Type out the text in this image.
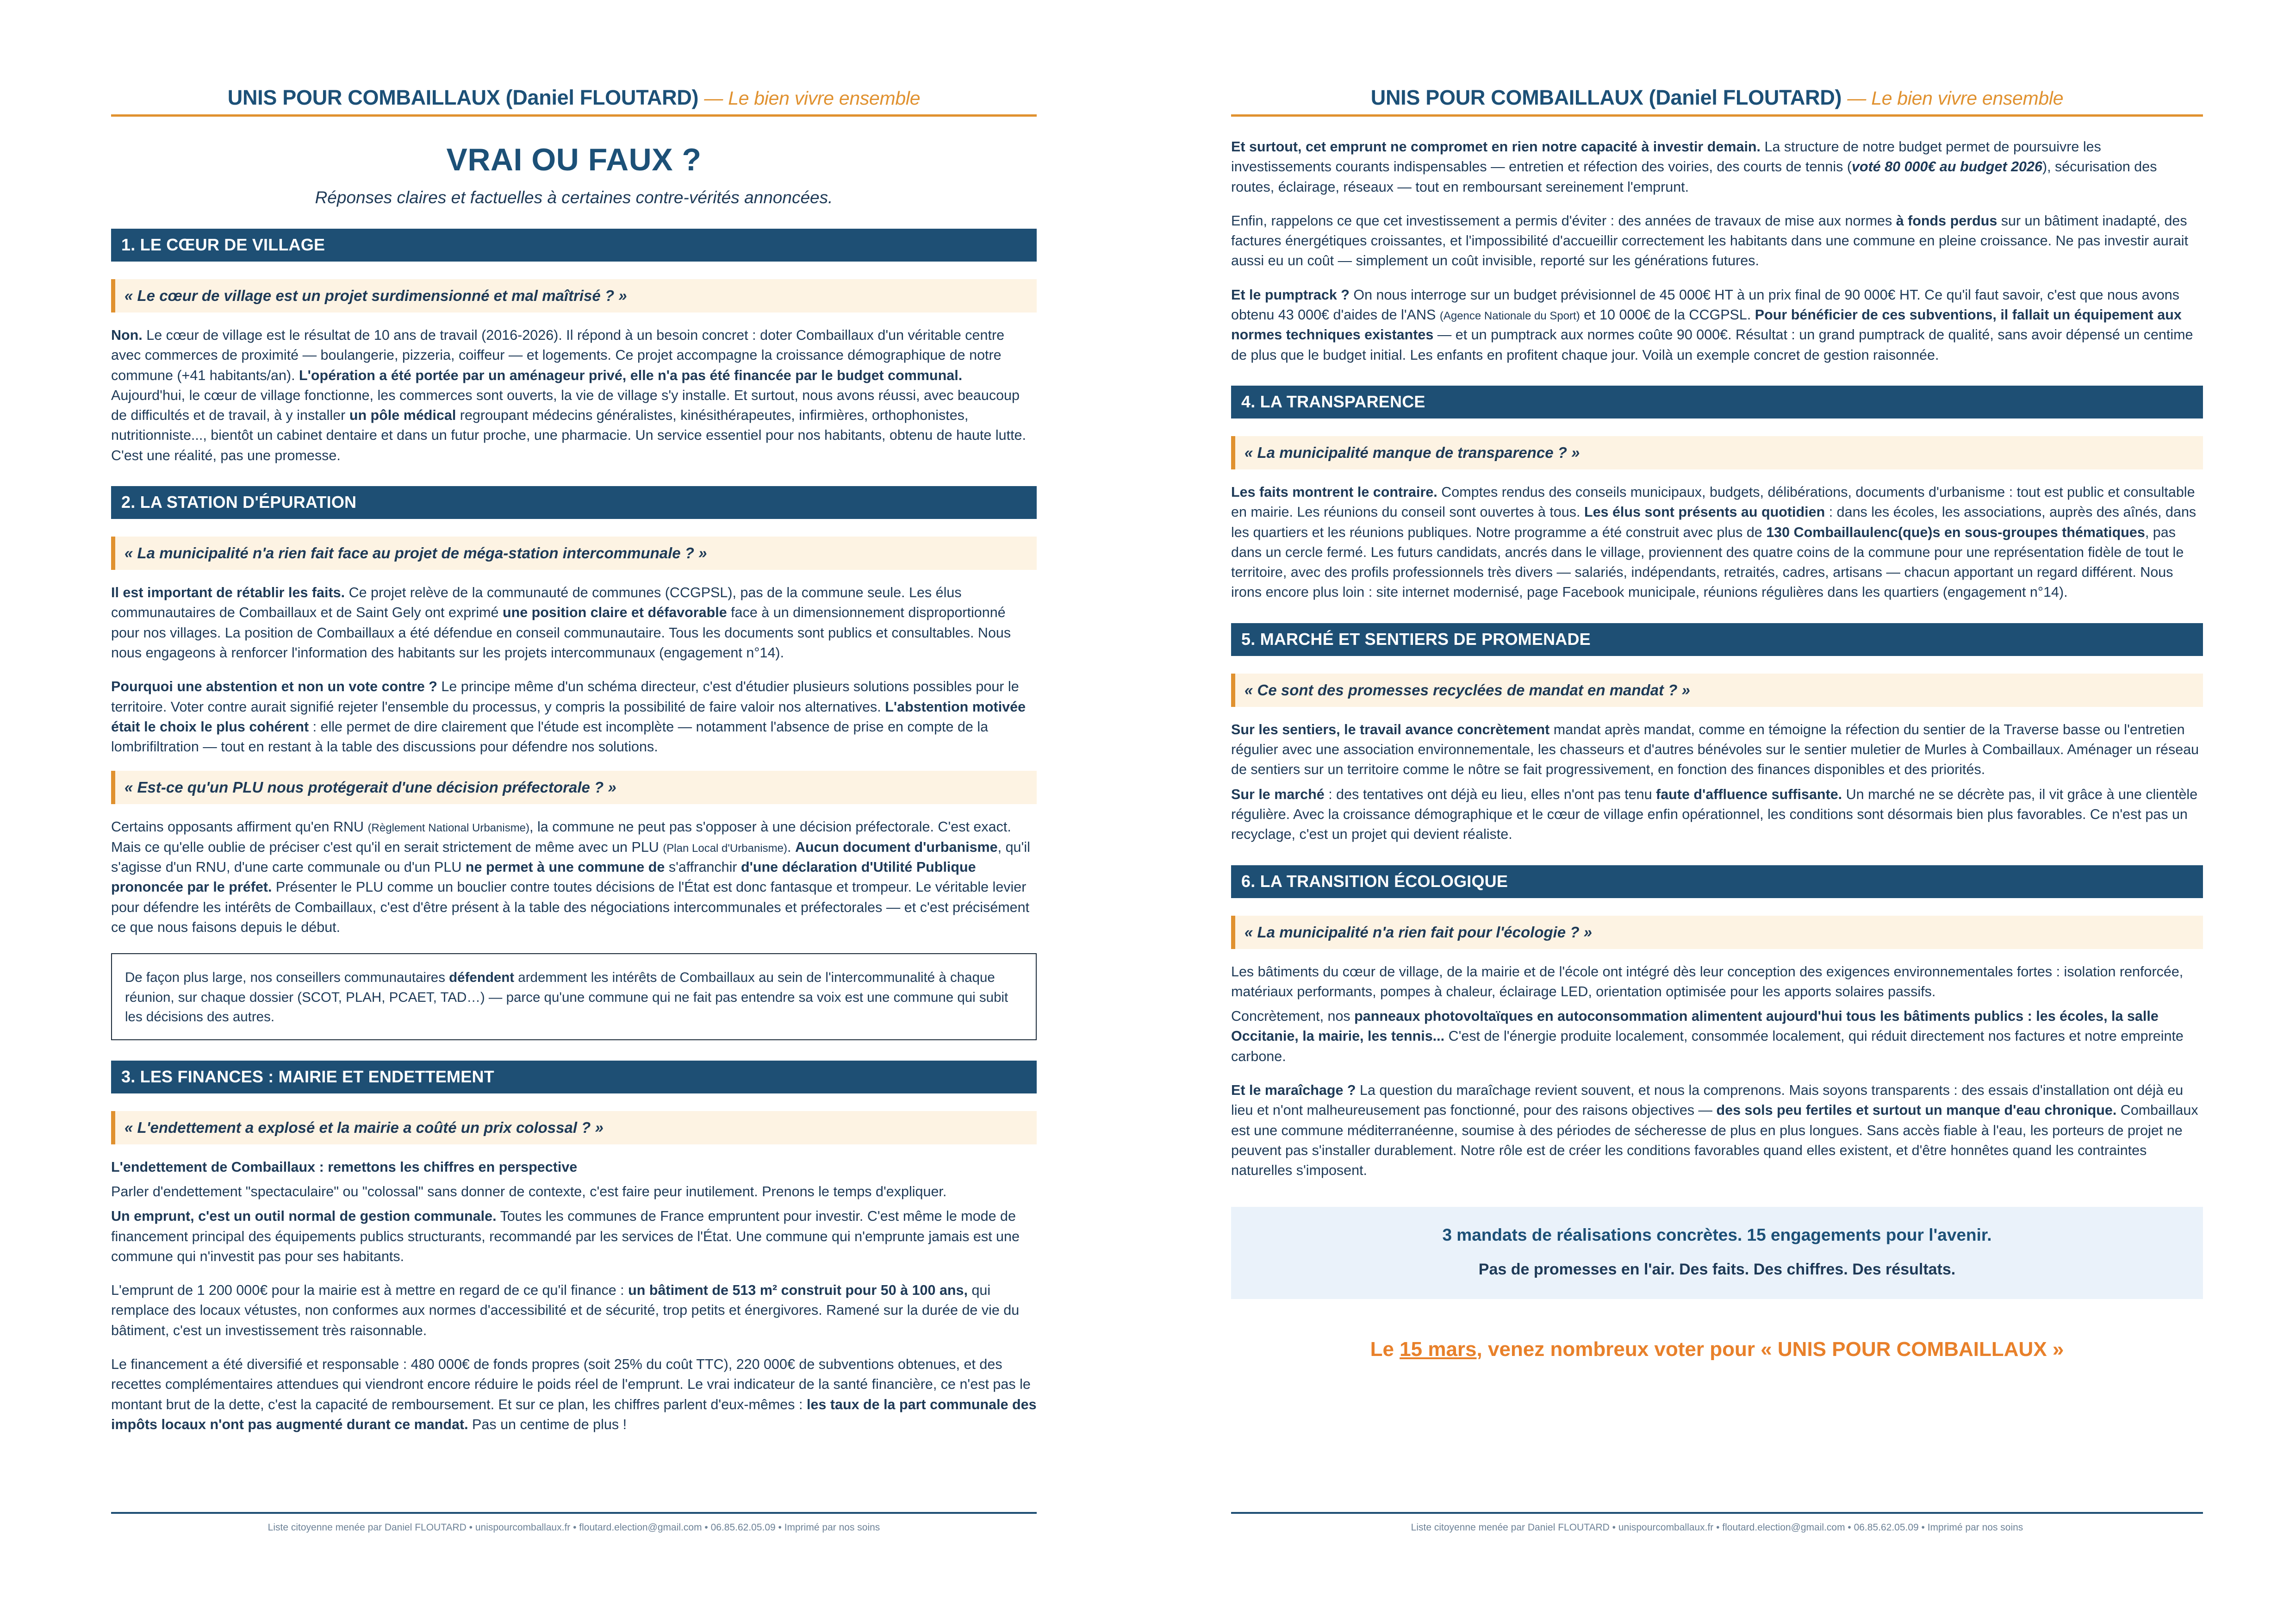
UNIS POUR COMBAILLAUX (Daniel FLOUTARD) — Le bien vivre ensemble
VRAI OU FAUX ?
Réponses claires et factuelles à certaines contre-vérités annoncées.
1. LE CŒUR DE VILLAGE
« Le cœur de village est un projet surdimensionné et mal maîtrisé ? »

Non. Le cœur de village est le résultat de 10 ans de travail (2016-2026). Il répond à un besoin concret : doter Combaillaux d'un véritable centre avec commerces de proximité — boulangerie, pizzeria, coiffeur — et logements. Ce projet accompagne la croissance démographique de notre commune (+41 habitants/an). L'opération a été portée par un aménageur privé, elle n'a pas été financée par le budget communal. Aujourd'hui, le cœur de village fonctionne, les commerces sont ouverts, la vie de village s'y installe. Et surtout, nous avons réussi, avec beaucoup de difficultés et de travail, à y installer un pôle médical regroupant médecins généralistes, kinésithérapeutes, infirmières, orthophonistes, nutritionniste..., bientôt un cabinet dentaire et dans un futur proche, une pharmacie. Un service essentiel pour nos habitants, obtenu de haute lutte. C'est une réalité, pas une promesse.

2. LA STATION D'ÉPURATION
« La municipalité n'a rien fait face au projet de méga-station intercommunale ? »

Il est important de rétablir les faits. Ce projet relève de la communauté de communes (CCGPSL), pas de la commune seule. Les élus communautaires de Combaillaux et de Saint Gely ont exprimé une position claire et défavorable face à un dimensionnement disproportionné pour nos villages. La position de Combaillaux a été défendue en conseil communautaire. Tous les documents sont publics et consultables. Nous nous engageons à renforcer l'information des habitants sur les projets intercommunaux (engagement n°14).

Pourquoi une abstention et non un vote contre ? Le principe même d'un schéma directeur, c'est d'étudier plusieurs solutions possibles pour le territoire. Voter contre aurait signifié rejeter l'ensemble du processus, y compris la possibilité de faire valoir nos alternatives. L'abstention motivée était le choix le plus cohérent : elle permet de dire clairement que l'étude est incomplète — notamment l'absence de prise en compte de la lombrifiltration — tout en restant à la table des discussions pour défendre nos solutions.

« Est-ce qu'un PLU nous protégerait d'une décision préfectorale ? »

Certains opposants affirment qu'en RNU (Règlement National Urbanisme), la commune ne peut pas s'opposer à une décision préfectorale. C'est exact. Mais ce qu'elle oublie de préciser c'est qu'il en serait strictement de même avec un PLU (Plan Local d'Urbanisme). Aucun document d'urbanisme, qu'il s'agisse d'un RNU, d'une carte communale ou d'un PLU ne permet à une commune de s'affranchir d'une déclaration d'Utilité Publique prononcée par le préfet. Présenter le PLU comme un bouclier contre toutes décisions de l'État est donc fantasque et trompeur. Le véritable levier pour défendre les intérêts de Combaillaux, c'est d'être présent à la table des négociations intercommunales et préfectorales — et c'est précisément ce que nous faisons depuis le début.

De façon plus large, nos conseillers communautaires défendent ardemment les intérêts de Combaillaux au sein de l'intercommunalité à chaque réunion, sur chaque dossier (SCOT, PLAH, PCAET, TAD…) — parce qu'une commune qui ne fait pas entendre sa voix est une commune qui subit les décisions des autres.
3. LES FINANCES : MAIRIE ET ENDETTEMENT
« L'endettement a explosé et la mairie a coûté un prix colossal ? »

L'endettement de Combaillaux : remettons les chiffres en perspective

Parler d'endettement "spectaculaire" ou "colossal" sans donner de contexte, c'est faire peur inutilement. Prenons le temps d'expliquer.

Un emprunt, c'est un outil normal de gestion communale. Toutes les communes de France empruntent pour investir. C'est même le mode de financement principal des équipements publics structurants, recommandé par les services de l'État. Une commune qui n'emprunte jamais est une commune qui n'investit pas pour ses habitants.

L'emprunt de 1 200 000€ pour la mairie est à mettre en regard de ce qu'il finance : un bâtiment de 513 m² construit pour 50 à 100 ans, qui remplace des locaux vétustes, non conformes aux normes d'accessibilité et de sécurité, trop petits et énergivores. Ramené sur la durée de vie du bâtiment, c'est un investissement très raisonnable.

Le financement a été diversifié et responsable : 480 000€ de fonds propres (soit 25% du coût TTC), 220 000€ de subventions obtenues, et des recettes complémentaires attendues qui viendront encore réduire le poids réel de l'emprunt. Le vrai indicateur de la santé financière, ce n'est pas le montant brut de la dette, c'est la capacité de remboursement. Et sur ce plan, les chiffres parlent d'eux-mêmes : les taux de la part communale des impôts locaux n'ont pas augmenté durant ce mandat. Pas un centime de plus !

Liste citoyenne menée par Daniel FLOUTARD • unispourcomballaux.fr • floutard.election@gmail.com • 06.85.62.05.09 • Imprimé par nos soins
UNIS POUR COMBAILLAUX (Daniel FLOUTARD) — Le bien vivre ensemble

Et surtout, cet emprunt ne compromet en rien notre capacité à investir demain. La structure de notre budget permet de poursuivre les investissements courants indispensables — entretien et réfection des voiries, des courts de tennis (voté 80 000€ au budget 2026), sécurisation des routes, éclairage, réseaux — tout en remboursant sereinement l'emprunt.

Enfin, rappelons ce que cet investissement a permis d'éviter : des années de travaux de mise aux normes à fonds perdus sur un bâtiment inadapté, des factures énergétiques croissantes, et l'impossibilité d'accueillir correctement les habitants dans une commune en pleine croissance. Ne pas investir aurait aussi eu un coût — simplement un coût invisible, reporté sur les générations futures.

Et le pumptrack ? On nous interroge sur un budget prévisionnel de 45 000€ HT à un prix final de 90 000€ HT. Ce qu'il faut savoir, c'est que nous avons obtenu 43 000€ d'aides de l'ANS (Agence Nationale du Sport) et 10 000€ de la CCGPSL. Pour bénéficier de ces subventions, il fallait un équipement aux normes techniques existantes — et un pumptrack aux normes coûte 90 000€. Résultat : un grand pumptrack de qualité, sans avoir dépensé un centime de plus que le budget initial. Les enfants en profitent chaque jour. Voilà un exemple concret de gestion raisonnée.

4. LA TRANSPARENCE
« La municipalité manque de transparence ? »

Les faits montrent le contraire. Comptes rendus des conseils municipaux, budgets, délibérations, documents d'urbanisme : tout est public et consultable en mairie. Les réunions du conseil sont ouvertes à tous. Les élus sont présents au quotidien : dans les écoles, les associations, auprès des aînés, dans les quartiers et les réunions publiques. Notre programme a été construit avec plus de 130 Combaillaulenc(que)s en sous-groupes thématiques, pas dans un cercle fermé. Les futurs candidats, ancrés dans le village, proviennent des quatre coins de la commune pour une représentation fidèle de tout le territoire, avec des profils professionnels très divers — salariés, indépendants, retraités, cadres, artisans — chacun apportant un regard différent. Nous irons encore plus loin : site internet modernisé, page Facebook municipale, réunions régulières dans les quartiers (engagement n°14).

5. MARCHÉ ET SENTIERS DE PROMENADE
« Ce sont des promesses recyclées de mandat en mandat ? »

Sur les sentiers, le travail avance concrètement mandat après mandat, comme en témoigne la réfection du sentier de la Traverse basse ou l'entretien régulier avec une association environnementale, les chasseurs et d'autres bénévoles sur le sentier muletier de Murles à Combaillaux. Aménager un réseau de sentiers sur un territoire comme le nôtre se fait progressivement, en fonction des finances disponibles et des priorités.

Sur le marché : des tentatives ont déjà eu lieu, elles n'ont pas tenu faute d'affluence suffisante. Un marché ne se décrète pas, il vit grâce à une clientèle régulière. Avec la croissance démographique et le cœur de village enfin opérationnel, les conditions sont désormais bien plus favorables. Ce n'est pas un recyclage, c'est un projet qui devient réaliste.

6. LA TRANSITION ÉCOLOGIQUE
« La municipalité n'a rien fait pour l'écologie ? »

Les bâtiments du cœur de village, de la mairie et de l'école ont intégré dès leur conception des exigences environnementales fortes : isolation renforcée, matériaux performants, pompes à chaleur, éclairage LED, orientation optimisée pour les apports solaires passifs.

Concrètement, nos panneaux photovoltaïques en autoconsommation alimentent aujourd'hui tous les bâtiments publics : les écoles, la salle Occitanie, la mairie, les tennis... C'est de l'énergie produite localement, consommée localement, qui réduit directement nos factures et notre empreinte carbone.

Et le maraîchage ? La question du maraîchage revient souvent, et nous la comprenons. Mais soyons transparents : des essais d'installation ont déjà eu lieu et n'ont malheureusement pas fonctionné, pour des raisons objectives — des sols peu fertiles et surtout un manque d'eau chronique. Combaillaux est une commune méditerranéenne, soumise à des périodes de sécheresse de plus en plus longues. Sans accès fiable à l'eau, les porteurs de projet ne peuvent pas s'installer durablement. Notre rôle est de créer les conditions favorables quand elles existent, et d'être honnêtes quand les contraintes naturelles s'imposent.

3 mandats de réalisations concrètes. 15 engagements pour l'avenir.
Pas de promesses en l'air. Des faits. Des chiffres. Des résultats.
Le 15 mars, venez nombreux voter pour « UNIS POUR COMBAILLAUX »
Liste citoyenne menée par Daniel FLOUTARD • unispourcomballaux.fr • floutard.election@gmail.com • 06.85.62.05.09 • Imprimé par nos soins
